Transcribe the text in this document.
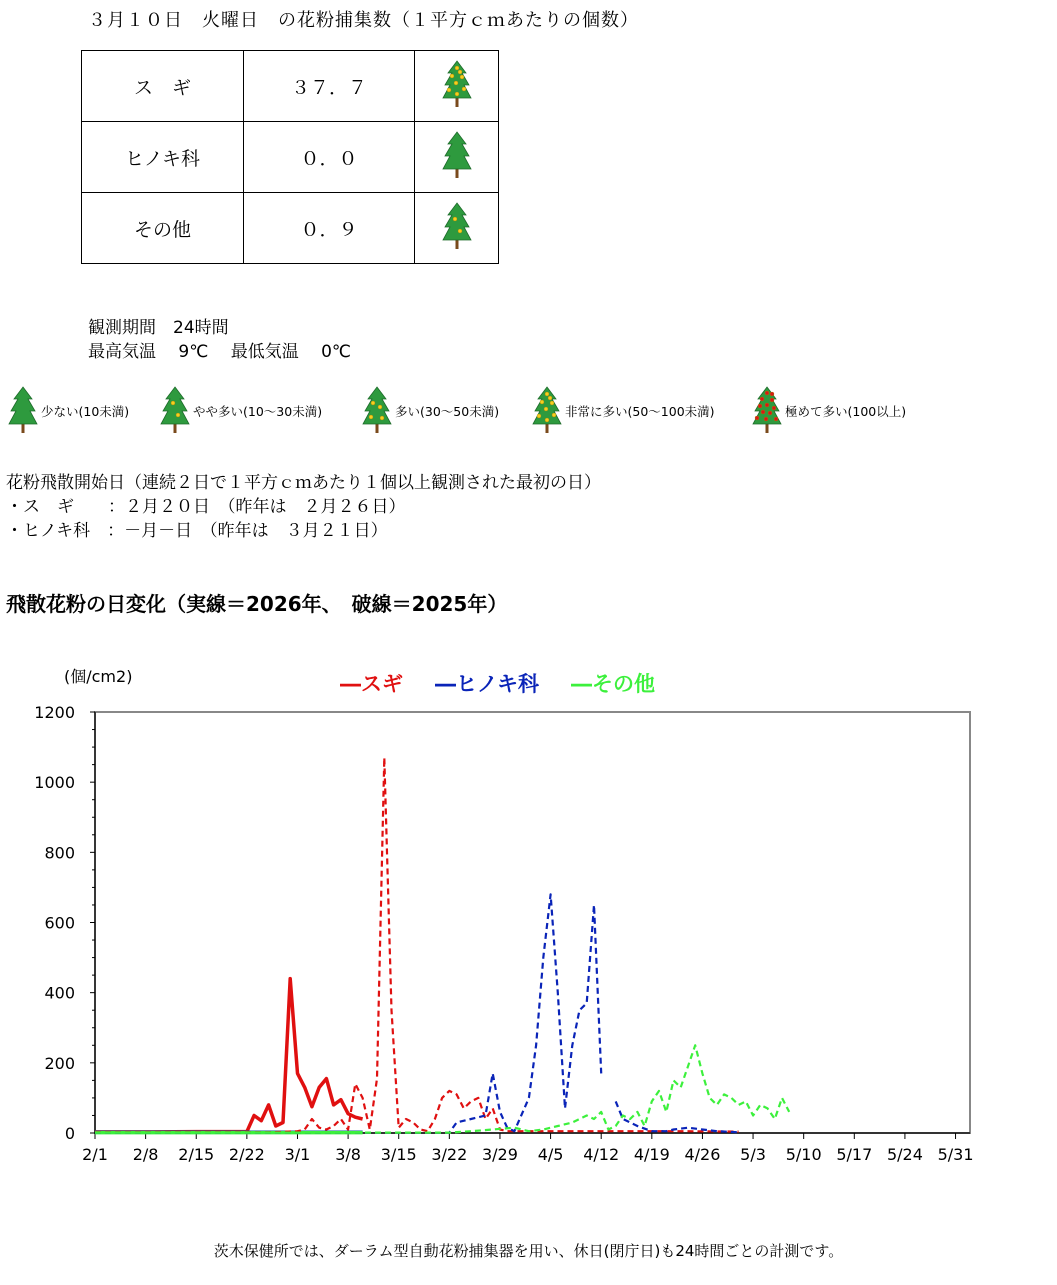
３月１０日　火曜日　の花粉捕集数（１平方ｃｍあたりの個数）
ス　ギ	３７．７	
ヒノキ科	０．０	
その他	０．９	
観測期間　24時間
最高気温　 9℃　 最低気温　 0℃
少ない(10未満)	やや多い(10～30未満)	多い(30～50未満)	非常に多い(50～100未満)	極めて多い(100以上)
花粉飛散開始日（連続２日で１平方ｃｍあたり１個以上観測された最初の日）
・ス　ギ　　：２月２０日　（昨年は　２月２６日）
・ヒノキ科　：－月－日　（昨年は　３月２１日）
飛散花粉の日変化（実線＝2026年、　破線＝2025年）
(個/cm2)	―スギ ―ヒノキ科 ―その他
0
200
400
600
800
1000
1200
2/1 2/8 2/15 2/22 3/1 3/8 3/15 3/22 3/29 4/5 4/12 4/19 4/26 5/3 5/10 5/17 5/24 5/31
茨木保健所では、ダーラム型自動花粉捕集器を用い、休日(閉庁日)も24時間ごとの計測です。
